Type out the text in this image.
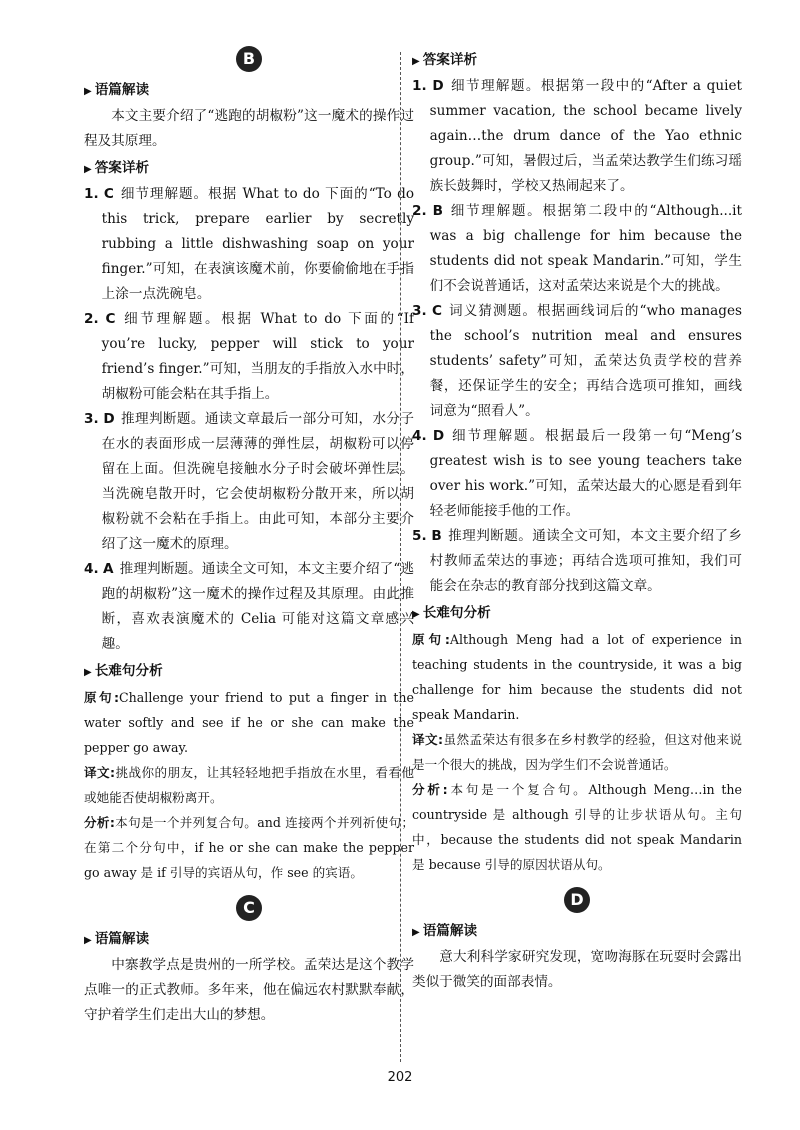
B
▶ 语篇解读
本文主要介绍了“逃跑的胡椒粉”这一魔术的操作过程及其原理。
▶ 答案详析
1. C 细节理解题。根据 What to do 下面的“To do this trick, prepare earlier by secretly rubbing a little dishwashing soap on your finger.”可知，在表演该魔术前，你要偷偷地在手指上涂一点洗碗皂。
2. C 细节理解题。根据 What to do 下面的“If you’re lucky, pepper will stick to your friend’s finger.”可知，当朋友的手指放入水中时，胡椒粉可能会粘在其手指上。
3. D 推理判断题。通读文章最后一部分可知，水分子在水的表面形成一层薄薄的弹性层，胡椒粉可以停留在上面。但洗碗皂接触水分子时会破坏弹性层。当洗碗皂散开时，它会使胡椒粉分散开来，所以胡椒粉就不会粘在手指上。由此可知，本部分主要介绍了这一魔术的原理。
4. A 推理判断题。通读全文可知，本文主要介绍了“逃跑的胡椒粉”这一魔术的操作过程及其原理。由此推断，喜欢表演魔术的 Celia 可能对这篇文章感兴趣。
▶ 长难句分析
原句:Challenge your friend to put a finger in the water softly and see if he or she can make the pepper go away.
译文:挑战你的朋友，让其轻轻地把手指放在水里，看看他或她能否使胡椒粉离开。
分析:本句是一个并列复合句。and 连接两个并列祈使句；在第二个分句中，if he or she can make the pepper go away 是 if 引导的宾语从句，作 see 的宾语。
C
▶ 语篇解读
中寨教学点是贵州的一所学校。孟荣达是这个教学点唯一的正式教师。多年来，他在偏远农村默默奉献，守护着学生们走出大山的梦想。
▶ 答案详析
1. D 细节理解题。根据第一段中的“After a quiet summer vacation, the school became lively again…the drum dance of the Yao ethnic group.”可知，暑假过后，当孟荣达教学生们练习瑶族长鼓舞时，学校又热闹起来了。
2. B 细节理解题。根据第二段中的“Although...it was a big challenge for him because the students did not speak Mandarin.”可知，学生们不会说普通话，这对孟荣达来说是个大的挑战。
3. C 词义猜测题。根据画线词后的“who manages the school’s nutrition meal and ensures students’ safety”可知，孟荣达负责学校的营养餐，还保证学生的安全；再结合选项可推知，画线词意为“照看人”。
4. D 细节理解题。根据最后一段第一句“Meng’s greatest wish is to see young teachers take over his work.”可知，孟荣达最大的心愿是看到年轻老师能接手他的工作。
5. B 推理判断题。通读全文可知，本文主要介绍了乡村教师孟荣达的事迹；再结合选项可推知，我们可能会在杂志的教育部分找到这篇文章。
▶ 长难句分析
原句:Although Meng had a lot of experience in teaching students in the countryside, it was a big challenge for him because the students did not speak Mandarin.
译文:虽然孟荣达有很多在乡村教学的经验，但这对他来说是一个很大的挑战，因为学生们不会说普通话。
分析:本句是一个复合句。Although Meng…in the countryside 是 although 引导的让步状语从句。主句中，because the students did not speak Mandarin 是 because 引导的原因状语从句。
D
▶ 语篇解读
意大利科学家研究发现，宽吻海豚在玩耍时会露出类似于微笑的面部表情。
202
